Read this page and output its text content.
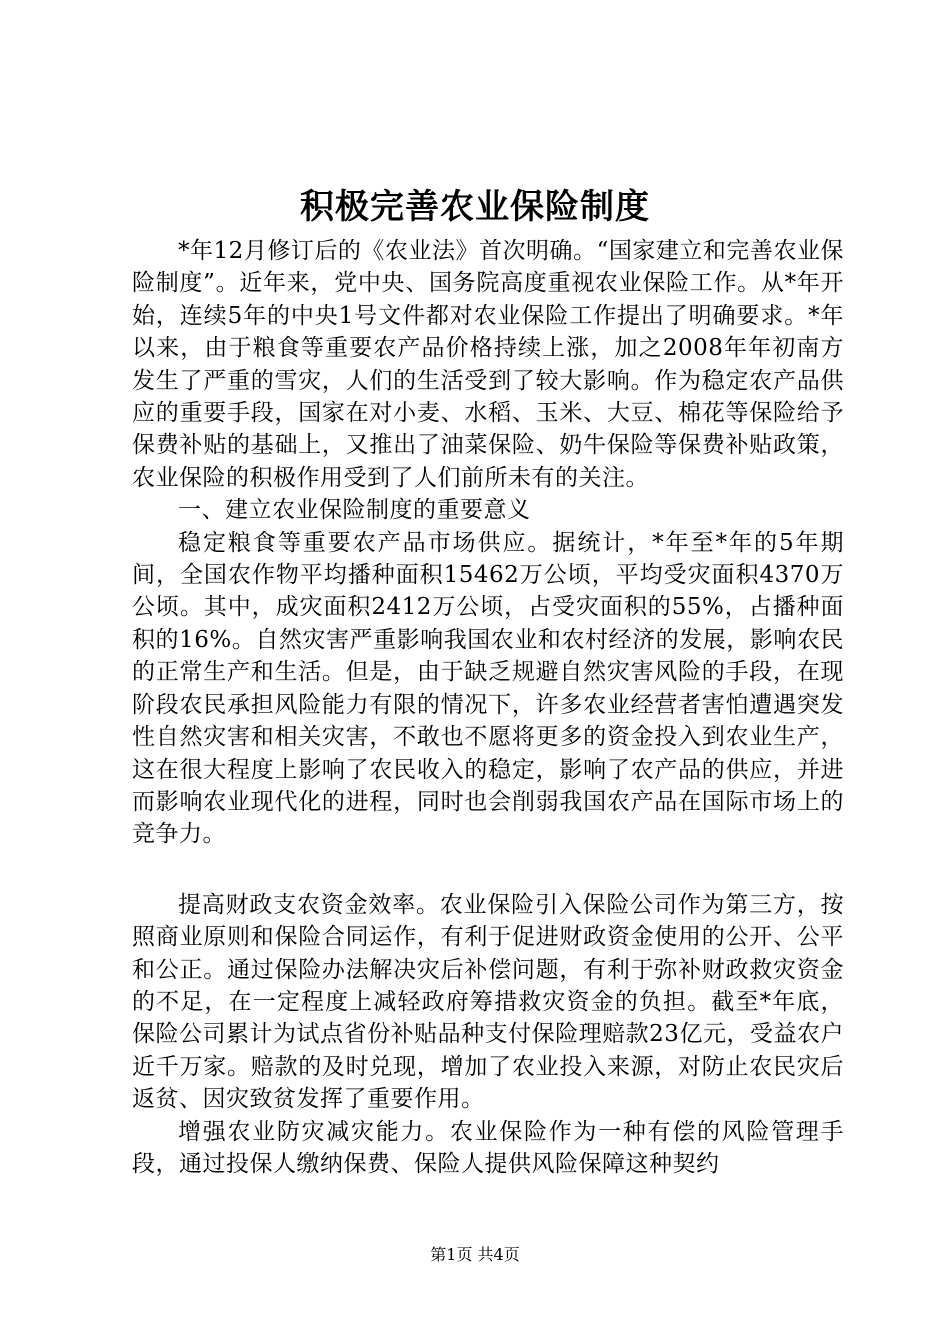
积极完善农业保险制度

*年12月修订后的《农业法》首次明确。“国家建立和完善农业保险制度”。近年来，党中央、国务院高度重视农业保险工作。从*年开始，连续5年的中央1号文件都对农业保险工作提出了明确要求。*年以来，由于粮食等重要农产品价格持续上涨，加之2008年年初南方发生了严重的雪灾，人们的生活受到了较大影响。作为稳定农产品供应的重要手段，国家在对小麦、水稻、玉米、大豆、棉花等保险给予保费补贴的基础上，又推出了油菜保险、奶牛保险等保费补贴政策，农业保险的积极作用受到了人们前所未有的关注。

一、建立农业保险制度的重要意义

稳定粮食等重要农产品市场供应。据统计，*年至*年的5年期间，全国农作物平均播种面积15462万公顷，平均受灾面积4370万公顷。其中，成灾面积2412万公顷，占受灾面积的55%，占播种面积的16%。自然灾害严重影响我国农业和农村经济的发展，影响农民的正常生产和生活。但是，由于缺乏规避自然灾害风险的手段，在现阶段农民承担风险能力有限的情况下，许多农业经营者害怕遭遇突发性自然灾害和相关灾害，不敢也不愿将更多的资金投入到农业生产，这在很大程度上影响了农民收入的稳定，影响了农产品的供应，并进而影响农业现代化的进程，同时也会削弱我国农产品在国际市场上的竞争力。

提高财政支农资金效率。农业保险引入保险公司作为第三方，按照商业原则和保险合同运作，有利于促进财政资金使用的公开、公平和公正。通过保险办法解决灾后补偿问题，有利于弥补财政救灾资金的不足，在一定程度上减轻政府筹措救灾资金的负担。截至*年底，保险公司累计为试点省份补贴品种支付保险理赔款23亿元，受益农户近千万家。赔款的及时兑现，增加了农业投入来源，对防止农民灾后返贫、因灾致贫发挥了重要作用。

增强农业防灾减灾能力。农业保险作为一种有偿的风险管理手段，通过投保人缴纳保费、保险人提供风险保障这种契约

第1页 共4页
